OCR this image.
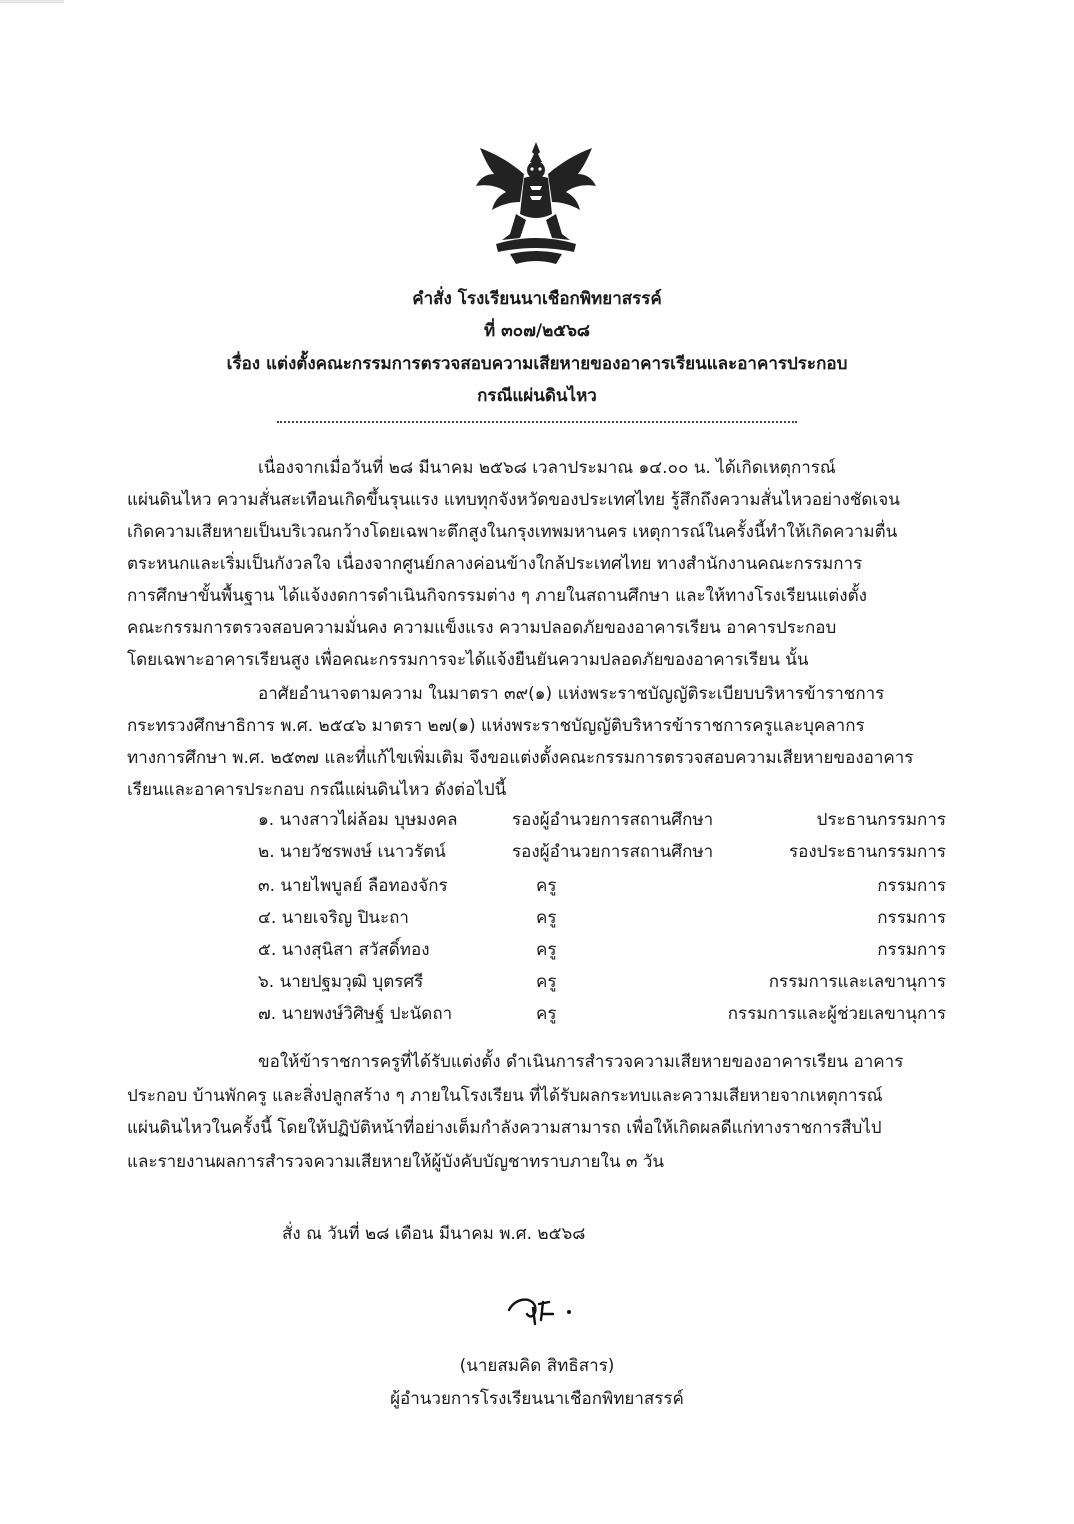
คำสั่ง โรงเรียนนาเชือกพิทยาสรรค์
ที่ ๓๐๗/๒๕๖๘
เรื่อง แต่งตั้งคณะกรรมการตรวจสอบความเสียหายของอาคารเรียนและอาคารประกอบ
กรณีแผ่นดินไหว
เนื่องจากเมื่อวันที่ ๒๘ มีนาคม ๒๕๖๘ เวลาประมาณ ๑๔.๐๐ น. ได้เกิดเหตุการณ์
แผ่นดินไหว ความสั่นสะเทือนเกิดขึ้นรุนแรง แทบทุกจังหวัดของประเทศไทย รู้สึกถึงความสั่นไหวอย่างชัดเจน
เกิดความเสียหายเป็นบริเวณกว้างโดยเฉพาะตึกสูงในกรุงเทพมหานคร เหตุการณ์ในครั้งนี้ทำให้เกิดความตื่น
ตระหนกและเริ่มเป็นกังวลใจ เนื่องจากศูนย์กลางค่อนข้างใกล้ประเทศไทย ทางสำนักงานคณะกรรมการ
การศึกษาขั้นพื้นฐาน ได้แจ้งงดการดำเนินกิจกรรมต่าง ๆ ภายในสถานศึกษา และให้ทางโรงเรียนแต่งตั้ง
คณะกรรมการตรวจสอบความมั่นคง ความแข็งแรง ความปลอดภัยของอาคารเรียน อาคารประกอบ
โดยเฉพาะอาคารเรียนสูง เพื่อคณะกรรมการจะได้แจ้งยืนยันความปลอดภัยของอาคารเรียน นั้น
อาศัยอำนาจตามความ ในมาตรา ๓๙(๑) แห่งพระราชบัญญัติระเบียบบริหารข้าราชการ
กระทรวงศึกษาธิการ พ.ศ. ๒๕๔๖ มาตรา ๒๗(๑) แห่งพระราชบัญญัติบริหารข้าราชการครูและบุคลากร
ทางการศึกษา พ.ศ. ๒๕๓๗ และที่แก้ไขเพิ่มเติม จึงขอแต่งตั้งคณะกรรมการตรวจสอบความเสียหายของอาคาร
เรียนและอาคารประกอบ กรณีแผ่นดินไหว ดังต่อไปนี้
๑. นางสาวไผ่ล้อม บุษมงคล	รองผู้อำนวยการสถานศึกษา	ประธานกรรมการ
๒. นายวัชรพงษ์ เนาวรัตน์	รองผู้อำนวยการสถานศึกษา	รองประธานกรรมการ
๓. นายไพบูลย์ ลือทองจักร	ครู	กรรมการ
๔. นายเจริญ ปินะถา	ครู	กรรมการ
๕. นางสุนิสา สวัสดิ์ทอง	ครู	กรรมการ
๖. นายปฐมวุฒิ บุตรศรี	ครู	กรรมการและเลขานุการ
๗. นายพงษ์วิศิษฐ์ ปะนัดถา	ครู	กรรมการและผู้ช่วยเลขานุการ
ขอให้ข้าราชการครูที่ได้รับแต่งตั้ง ดำเนินการสำรวจความเสียหายของอาคารเรียน อาคาร
ประกอบ บ้านพักครู และสิ่งปลูกสร้าง ๆ ภายในโรงเรียน ที่ได้รับผลกระทบและความเสียหายจากเหตุการณ์
แผ่นดินไหวในครั้งนี้ โดยให้ปฏิบัติหน้าที่อย่างเต็มกำลังความสามารถ เพื่อให้เกิดผลดีแก่ทางราชการสืบไป
และรายงานผลการสำรวจความเสียหายให้ผู้บังคับบัญชาทราบภายใน ๓ วัน
สั่ง ณ วันที่ ๒๘ เดือน มีนาคม พ.ศ. ๒๕๖๘
(นายสมคิด สิทธิสาร)
ผู้อำนวยการโรงเรียนนาเชือกพิทยาสรรค์
